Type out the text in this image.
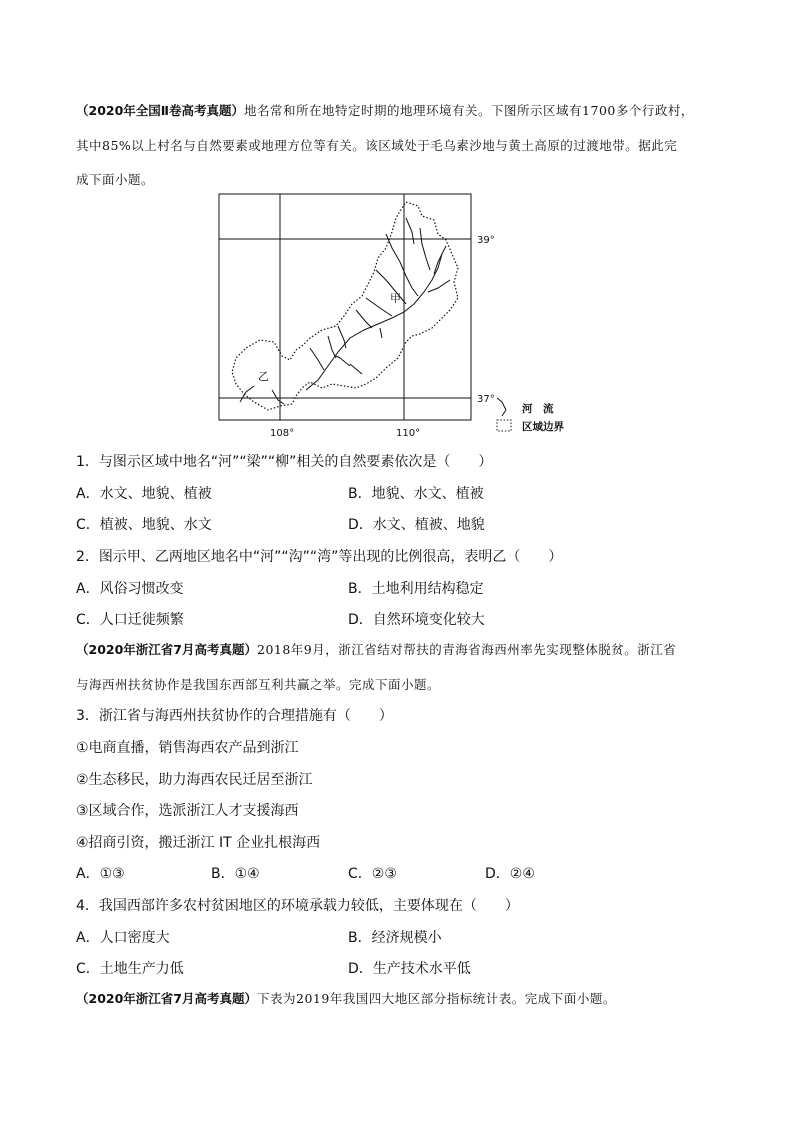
（2020年全国Ⅱ卷高考真题）地名常和所在地特定时期的地理环境有关。下图所示区域有1700多个行政村，
其中85%以上村名与自然要素或地理方位等有关。该区域处于毛乌素沙地与黄土高原的过渡地带。据此完
成下面小题。
39°
37°
108°	110°
甲
乙
河　流
区域边界
1．与图示区域中地名“河”“梁”“柳”相关的自然要素依次是（　　）
A．水文、地貌、植被	B．地貌、水文、植被
C．植被、地貌、水文	D．水文、植被、地貌
2．图示甲、乙两地区地名中“河”“沟”“湾”等出现的比例很高，表明乙（　　）
A．风俗习惯改变	B．土地利用结构稳定
C．人口迁徙频繁	D．自然环境变化较大
（2020年浙江省7月高考真题）2018年9月，浙江省结对帮扶的青海省海西州率先实现整体脱贫。浙江省
与海西州扶贫协作是我国东西部互利共赢之举。完成下面小题。
3．浙江省与海西州扶贫协作的合理措施有（　　）
①电商直播，销售海西农产品到浙江
②生态移民，助力海西农民迁居至浙江
③区域合作，选派浙江人才支援海西
④招商引资，搬迁浙江 IT 企业扎根海西
A．①③	B．①④	C．②③	D．②④
4．我国西部许多农村贫困地区的环境承载力较低，主要体现在（　　）
A．人口密度大	B．经济规模小
C．土地生产力低	D．生产技术水平低
（2020年浙江省7月高考真题）下表为2019年我国四大地区部分指标统计表。完成下面小题。
